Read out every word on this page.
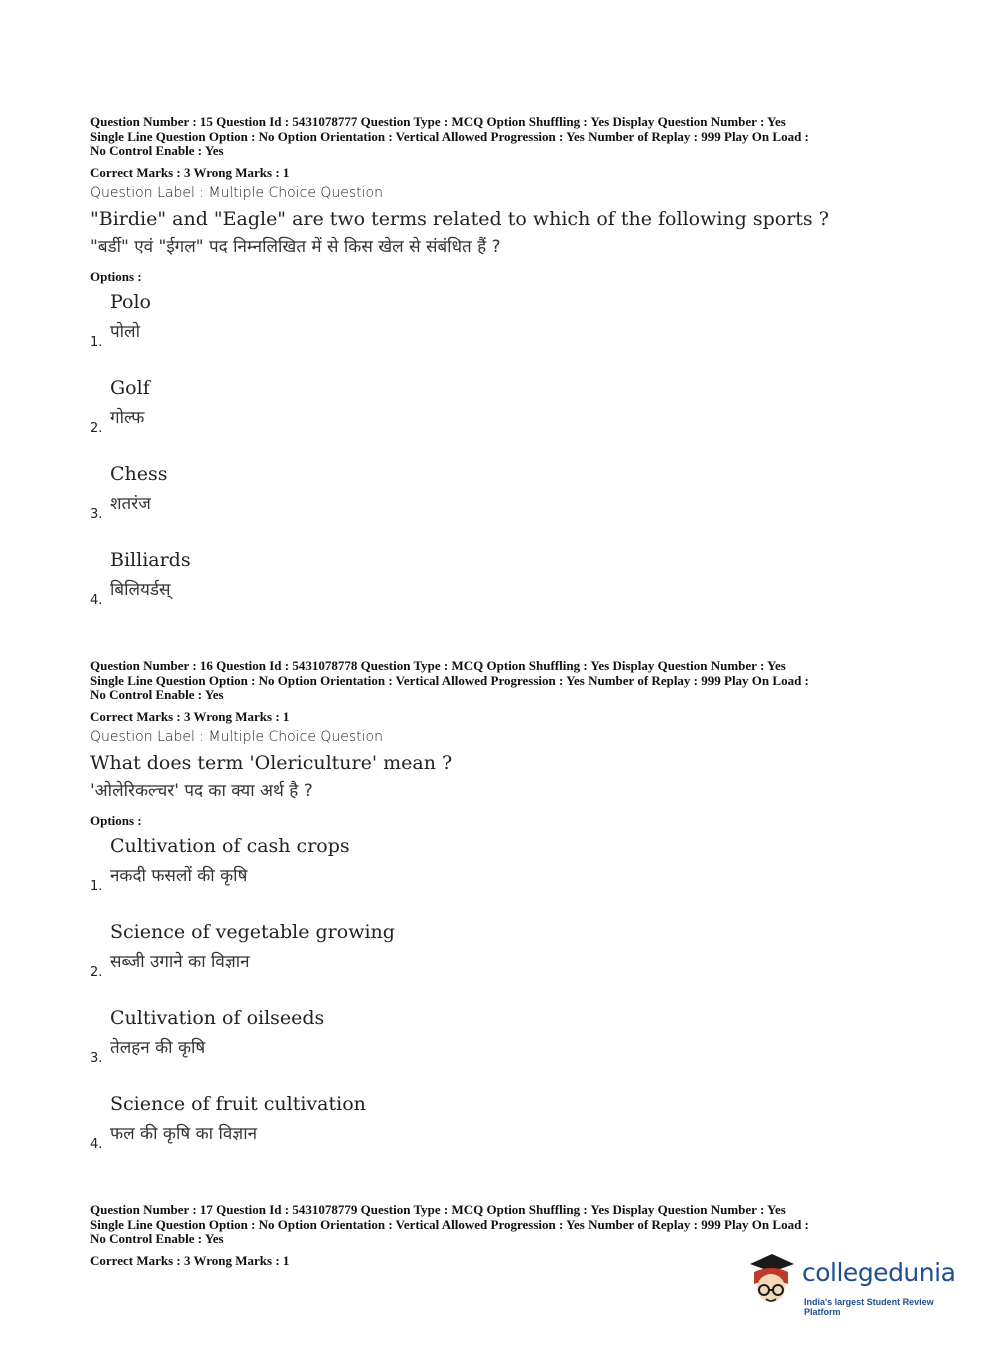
Question Number : 15 Question Id : 5431078777 Question Type : MCQ Option Shuffling : Yes Display Question Number : Yes
Single Line Question Option : No Option Orientation : Vertical Allowed Progression : Yes Number of Replay : 999 Play On Load :
No Control Enable : Yes

Correct Marks : 3 Wrong Marks : 1
Question Label : Multiple Choice Question
"Birdie" and "Eagle" are two terms related to which of the following sports ?
"बर्डी" एवं "ईगल" पद निम्नलिखित में से किस खेल से संबंधित हैं ?
Options :
Polo
पोलो
1.
Golf
गोल्फ
2.
Chess
शतरंज
3.
Billiards
बिलियर्डस्
4.

Question Number : 16 Question Id : 5431078778 Question Type : MCQ Option Shuffling : Yes Display Question Number : Yes
Single Line Question Option : No Option Orientation : Vertical Allowed Progression : Yes Number of Replay : 999 Play On Load :
No Control Enable : Yes

Correct Marks : 3 Wrong Marks : 1
Question Label : Multiple Choice Question
What does term 'Olericulture' mean ?
'ओलेरिकल्चर' पद का क्या अर्थ है ?
Options :
Cultivation of cash crops
नकदी फसलों की कृषि
1.
Science of vegetable growing
सब्जी उगाने का विज्ञान
2.
Cultivation of oilseeds
तेलहन की कृषि
3.
Science of fruit cultivation
फल की कृषि का विज्ञान
4.

Question Number : 17 Question Id : 5431078779 Question Type : MCQ Option Shuffling : Yes Display Question Number : Yes
Single Line Question Option : No Option Orientation : Vertical Allowed Progression : Yes Number of Replay : 999 Play On Load :
No Control Enable : Yes

Correct Marks : 3 Wrong Marks : 1	collegedunia
India's largest Student Review Platform
